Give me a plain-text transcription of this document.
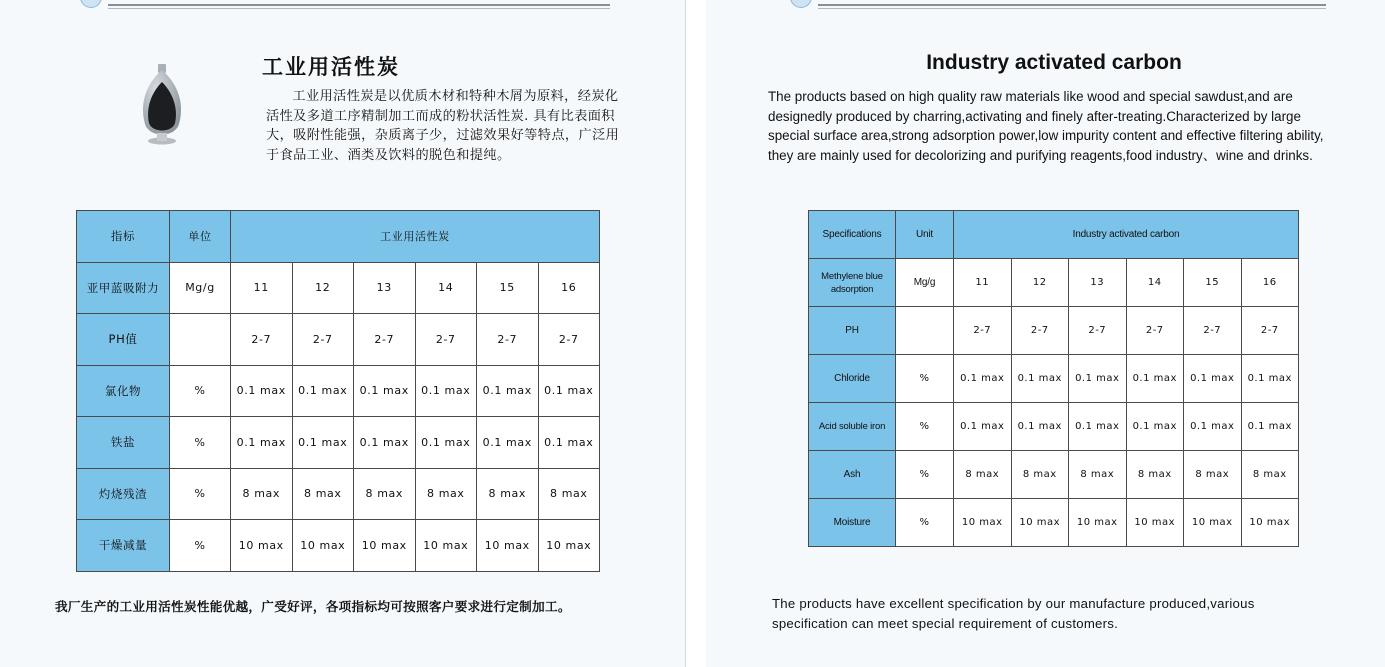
工业用活性炭

工业用活性炭是以优质木材和特种木屑为原料，经炭化活性及多道工序精制加工而成的粉状活性炭. 具有比表面积大，吸附性能强，杂质离子少，过滤效果好等特点，广泛用于食品工业、酒类及饮料的脱色和提纯。

指标	单位	工业用活性炭					
亚甲蓝吸附力	Mg/g	11	12	13	14	15	16
PH值		2-7	2-7	2-7	2-7	2-7	2-7
氯化物	%	0.1 max	0.1 max	0.1 max	0.1 max	0.1 max	0.1 max
铁盐	%	0.1 max	0.1 max	0.1 max	0.1 max	0.1 max	0.1 max
灼烧残渣	%	8 max	8 max	8 max	8 max	8 max	8 max
干燥减量	%	10 max	10 max	10 max	10 max	10 max	10 max
我厂生产的工业用活性炭性能优越，广受好评，各项指标均可按照客户要求进行定制加工。
Industry activated carbon
The products based on high quality raw materials like wood and special sawdust,and are
designedly produced by charring,activating and finely after-treating.Characterized by large
special surface area,strong adsorption power,low impurity content and effective filtering ability,
they are mainly used for decolorizing and purifying reagents,food industry、wine and drinks.
Specifications	Unit	Industry activated carbon					
Methylene blue adsorption	Mg/g	11	12	13	14	15	16
PH		2-7	2-7	2-7	2-7	2-7	2-7
Chloride	%	0.1 max	0.1 max	0.1 max	0.1 max	0.1 max	0.1 max
Acid soluble iron	%	0.1 max	0.1 max	0.1 max	0.1 max	0.1 max	0.1 max
Ash	%	8 max	8 max	8 max	8 max	8 max	8 max
Moisture	%	10 max	10 max	10 max	10 max	10 max	10 max
The products have excellent specification by our manufacture produced,various
specification can meet special requirement of customers.
